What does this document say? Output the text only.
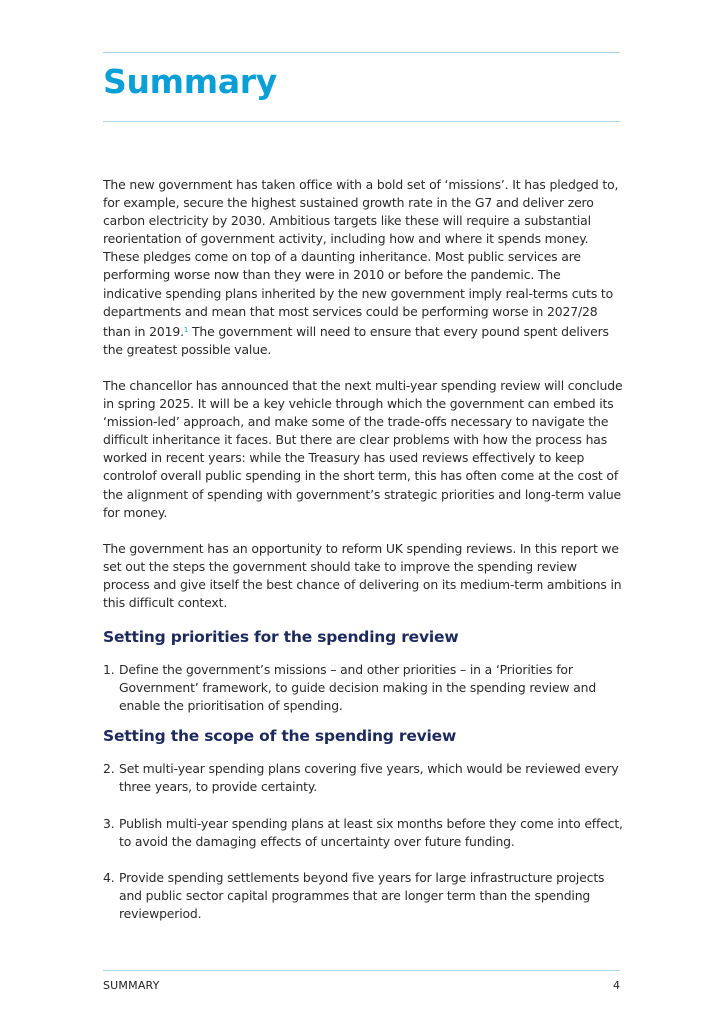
Summary

The new government has taken office with a bold set of ‘missions’. It has pledged to, for example, secure the highest sustained growth rate in the G7 and deliver zero carbon electricity by 2030. Ambitious targets like these will require a substantial reorientation of government activity, including how and where it spends money. These pledges come on top of a daunting inheritance. Most public services are performing worse now than they were in 2010 or before the pandemic. The indicative spending plans inherited by the new government imply real-terms cuts to departments and mean that most services could be performing worse in 2027/28 than in 2019.$^1$ The government will need to ensure that every pound spent delivers the greatest possible value.

The chancellor has announced that the next multi-year spending review will conclude in spring 2025. It will be a key vehicle through which the government can embed its ‘mission-led’ approach, and make some of the trade-offs necessary to navigate the difficult inheritance it faces. But there are clear problems with how the process has worked in recent years: while the Treasury has used reviews effectively to keep controlof overall public spending in the short term, this has often come at the cost of the alignment of spending with government’s strategic priorities and long-term value for money.

The government has an opportunity to reform UK spending reviews. In this report we set out the steps the government should take to improve the spending review process and give itself the best chance of delivering on its medium-term ambitions in this difficult context.

Setting priorities for the spending review
1. Define the government’s missions – and other priorities – in a ‘Priorities for Government’ framework, to guide decision making in the spending review and enable the prioritisation of spending.
Setting the scope of the spending review
2. Set multi-year spending plans covering five years, which would be reviewed every three years, to provide certainty.
3. Publish multi-year spending plans at least six months before they come into effect, to avoid the damaging effects of uncertainty over future funding.
4. Provide spending settlements beyond five years for large infrastructure projects and public sector capital programmes that are longer term than the spending reviewperiod.
SUMMARY	4
